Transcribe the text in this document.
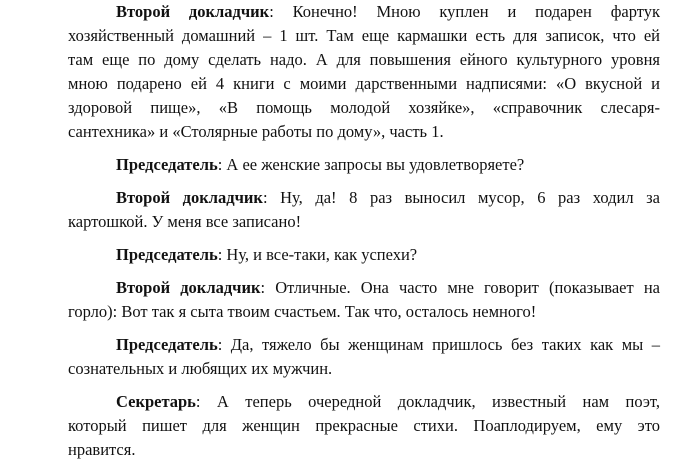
Второй докладчик: Конечно! Мною куплен и подарен фартук
хозяйственный домашний – 1 шт. Там еще кармашки есть для записок, что ей
там еще по дому сделать надо. А для повышения ейного культурного уровня
мною подарено ей 4 книги с моими дарственными надписями: «О вкусной и
здоровой пище», «В помощь молодой хозяйке», «справочник слесаря-
сантехника» и «Столярные работы по дому», часть 1.
Председатель: А ее женские запросы вы удовлетворяете?
Второй докладчик: Ну, да! 8 раз выносил мусор, 6 раз ходил за
картошкой. У меня все записано!
Председатель: Ну, и все-таки, как успехи?
Второй докладчик: Отличные. Она часто мне говорит (показывает на
горло): Вот так я сыта твоим счастьем. Так что, осталось немного!
Председатель: Да, тяжело бы женщинам пришлось без таких как мы –
сознательных и любящих их мужчин.
Секретарь: А теперь очередной докладчик, известный нам поэт,
который пишет для женщин прекрасные стихи. Поаплодируем, ему это
нравится.
